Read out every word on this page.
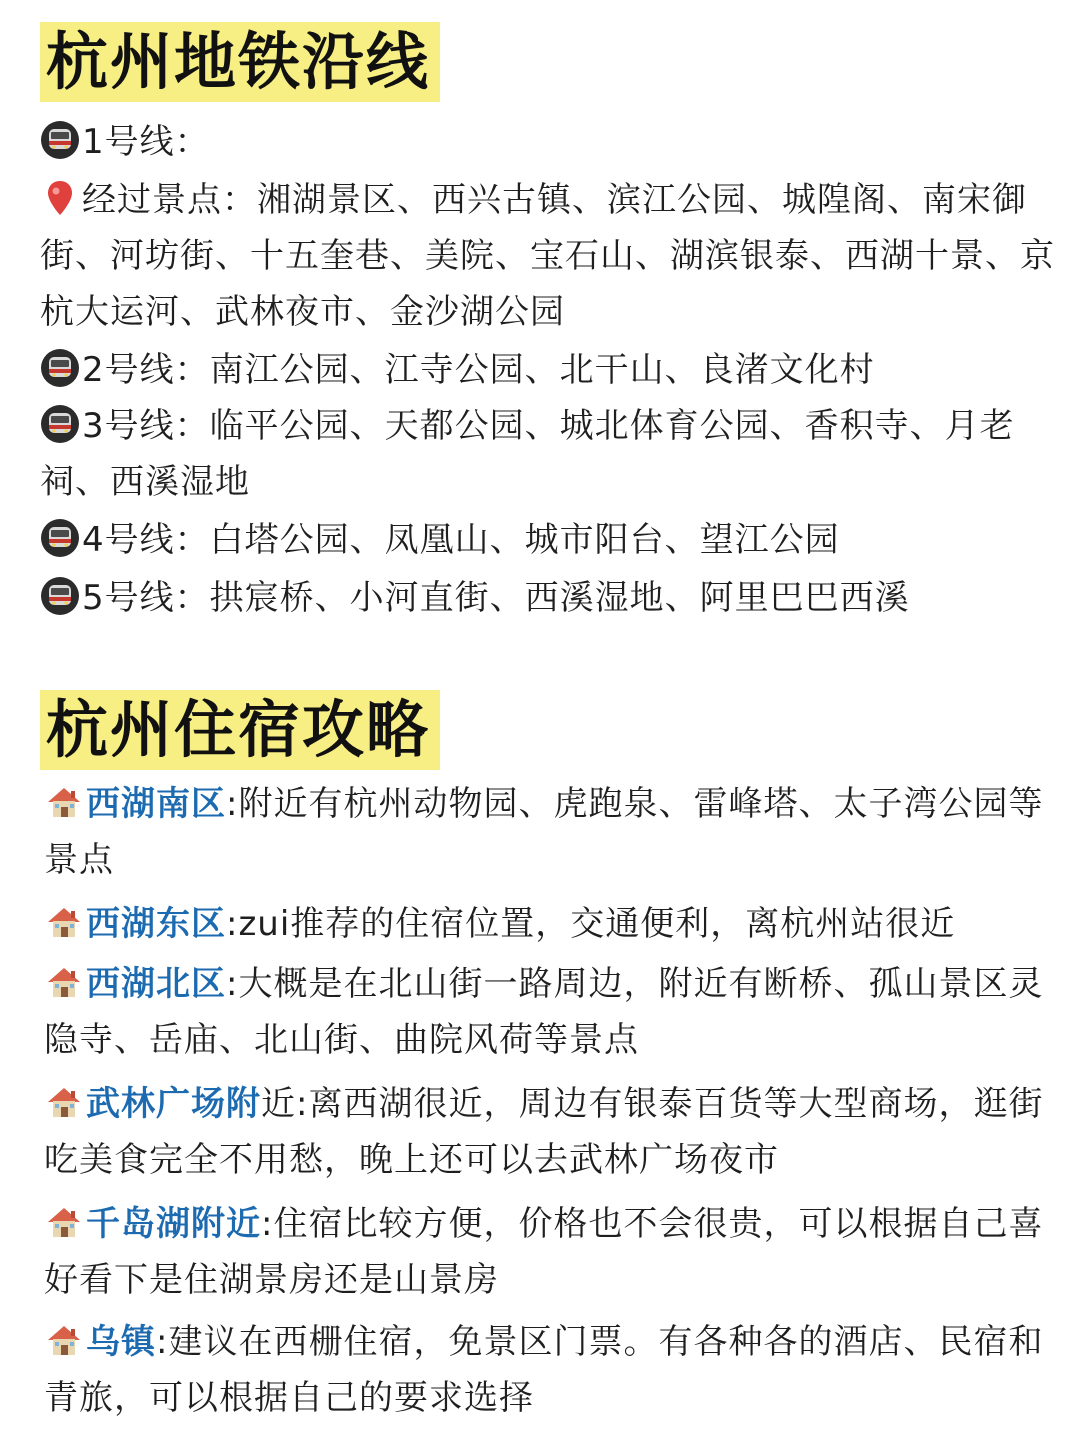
杭州地铁沿线
1号线：
经过景点：湘湖景区、西兴古镇、滨江公园、城隍阁、南宋御街、河坊街、十五奎巷、美院、宝石山、湖滨银泰、西湖十景、京杭大运河、武林夜市、金沙湖公园
2号线：南江公园、江寺公园、北干山、良渚文化村
3号线：临平公园、天都公园、城北体育公园、香积寺、月老祠、西溪湿地
4号线：白塔公园、凤凰山、城市阳台、望江公园
5号线：拱宸桥、小河直街、西溪湿地、阿里巴巴西溪
杭州住宿攻略
西湖南区:附近有杭州动物园、虎跑泉、雷峰塔、太子湾公园等景点
西湖东区:zui推荐的住宿位置，交通便利，离杭州站很近
西湖北区:大概是在北山街一路周边，附近有断桥、孤山景区灵隐寺、岳庙、北山街、曲院风荷等景点
武林广场附近:离西湖很近，周边有银泰百货等大型商场，逛街吃美食完全不用愁，晚上还可以去武林广场夜市
千岛湖附近:住宿比较方便，价格也不会很贵，可以根据自己喜好看下是住湖景房还是山景房
乌镇:建议在西栅住宿，免景区门票。有各种各的酒店、民宿和青旅，可以根据自己的要求选择
